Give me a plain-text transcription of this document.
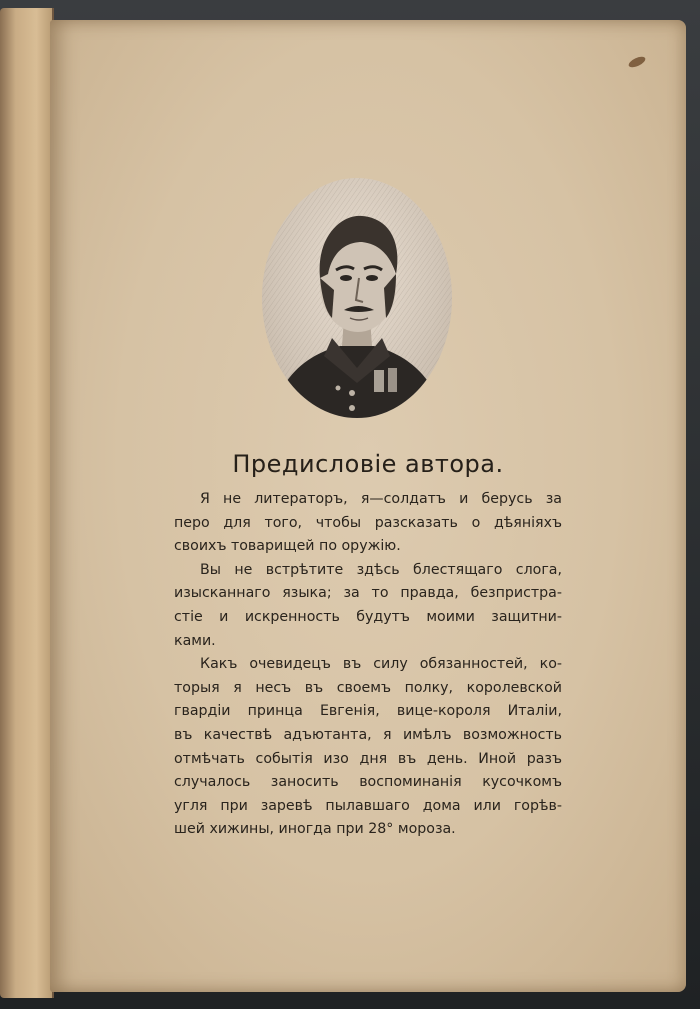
Предисловіе автора.
Я не литераторъ, я—солдатъ и берусь за
перо для того, чтобы разсказать о дѣяніяхъ
своихъ товарищей по оружію.
Вы не встрѣтите здѣсь блестящаго слога,
изысканнаго языка; за то правда, безпристра-
стіе и искренность будутъ моими защитни-
ками.
Какъ очевидецъ въ силу обязанностей, ко-
торыя я несъ въ своемъ полку, королевской
гвардіи принца Евгенія, вице-короля Италіи,
въ качествѣ адъютанта, я имѣлъ возможность
отмѣчать событія изо дня въ день. Иной разъ
случалось заносить воспоминанія кусочкомъ
угля при заревѣ пылавшаго дома или горѣв-
шей хижины, иногда при 28° мороза.
